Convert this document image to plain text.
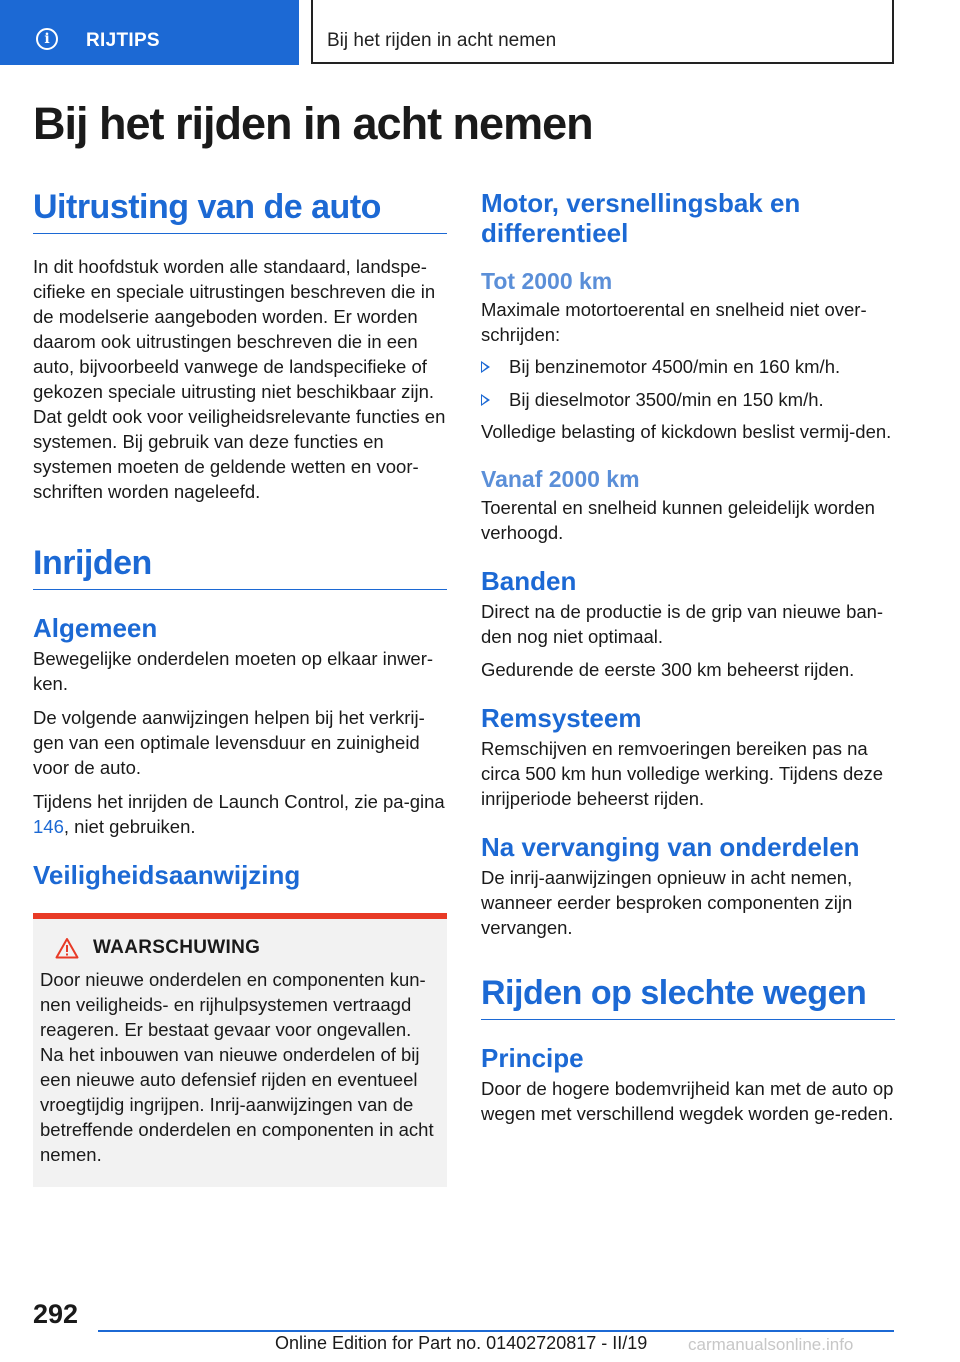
i	RIJTIPS	Bij het rijden in acht nemen
Bij het rijden in acht nemen
Uitrusting van de auto

In dit hoofdstuk worden alle standaard, landspe-cifieke en speciale uitrustingen beschreven die in de modelserie aangeboden worden. Er worden daarom ook uitrustingen beschreven die in een auto, bijvoorbeeld vanwege de landspecifieke of gekozen speciale uitrusting niet beschikbaar zijn. Dat geldt ook voor veiligheidsrelevante functies en systemen. Bij gebruik van deze functies en systemen moeten de geldende wetten en voor-schriften worden nageleefd.

Inrijden
Algemeen

Bewegelijke onderdelen moeten op elkaar inwer-ken.

De volgende aanwijzingen helpen bij het verkrij-gen van een optimale levensduur en zuinigheid voor de auto.

Tijdens het inrijden de Launch Control, zie pa-gina 146, niet gebruiken.

Veiligheidsaanwijzing
WAARSCHUWING

Door nieuwe onderdelen en componenten kun-nen veiligheids- en rijhulpsystemen vertraagd reageren. Er bestaat gevaar voor ongevallen. Na het inbouwen van nieuwe onderdelen of bij een nieuwe auto defensief rijden en eventueel vroegtijdig ingrijpen. Inrij-aanwijzingen van de betreffende onderdelen en componenten in acht nemen.

Motor, versnellingsbak en differentieel
Tot 2000 km

Maximale motortoerental en snelheid niet over-schrijden:

Bij benzinemotor 4500/min en 160 km/h.
Bij dieselmotor 3500/min en 150 km/h.

Volledige belasting of kickdown beslist vermij-den.

Vanaf 2000 km

Toerental en snelheid kunnen geleidelijk worden verhoogd.

Banden

Direct na de productie is de grip van nieuwe ban-den nog niet optimaal.

Gedurende de eerste 300 km beheerst rijden.

Remsysteem

Remschijven en remvoeringen bereiken pas na circa 500 km hun volledige werking. Tijdens deze inrijperiode beheerst rijden.

Na vervanging van onderdelen

De inrij-aanwijzingen opnieuw in acht nemen, wanneer eerder besproken componenten zijn vervangen.

Rijden op slechte wegen
Principe

Door de hogere bodemvrijheid kan met de auto op wegen met verschillend wegdek worden ge-reden.

292
Online Edition for Part no. 01402720817 - II/19 carmanualsonline.info
